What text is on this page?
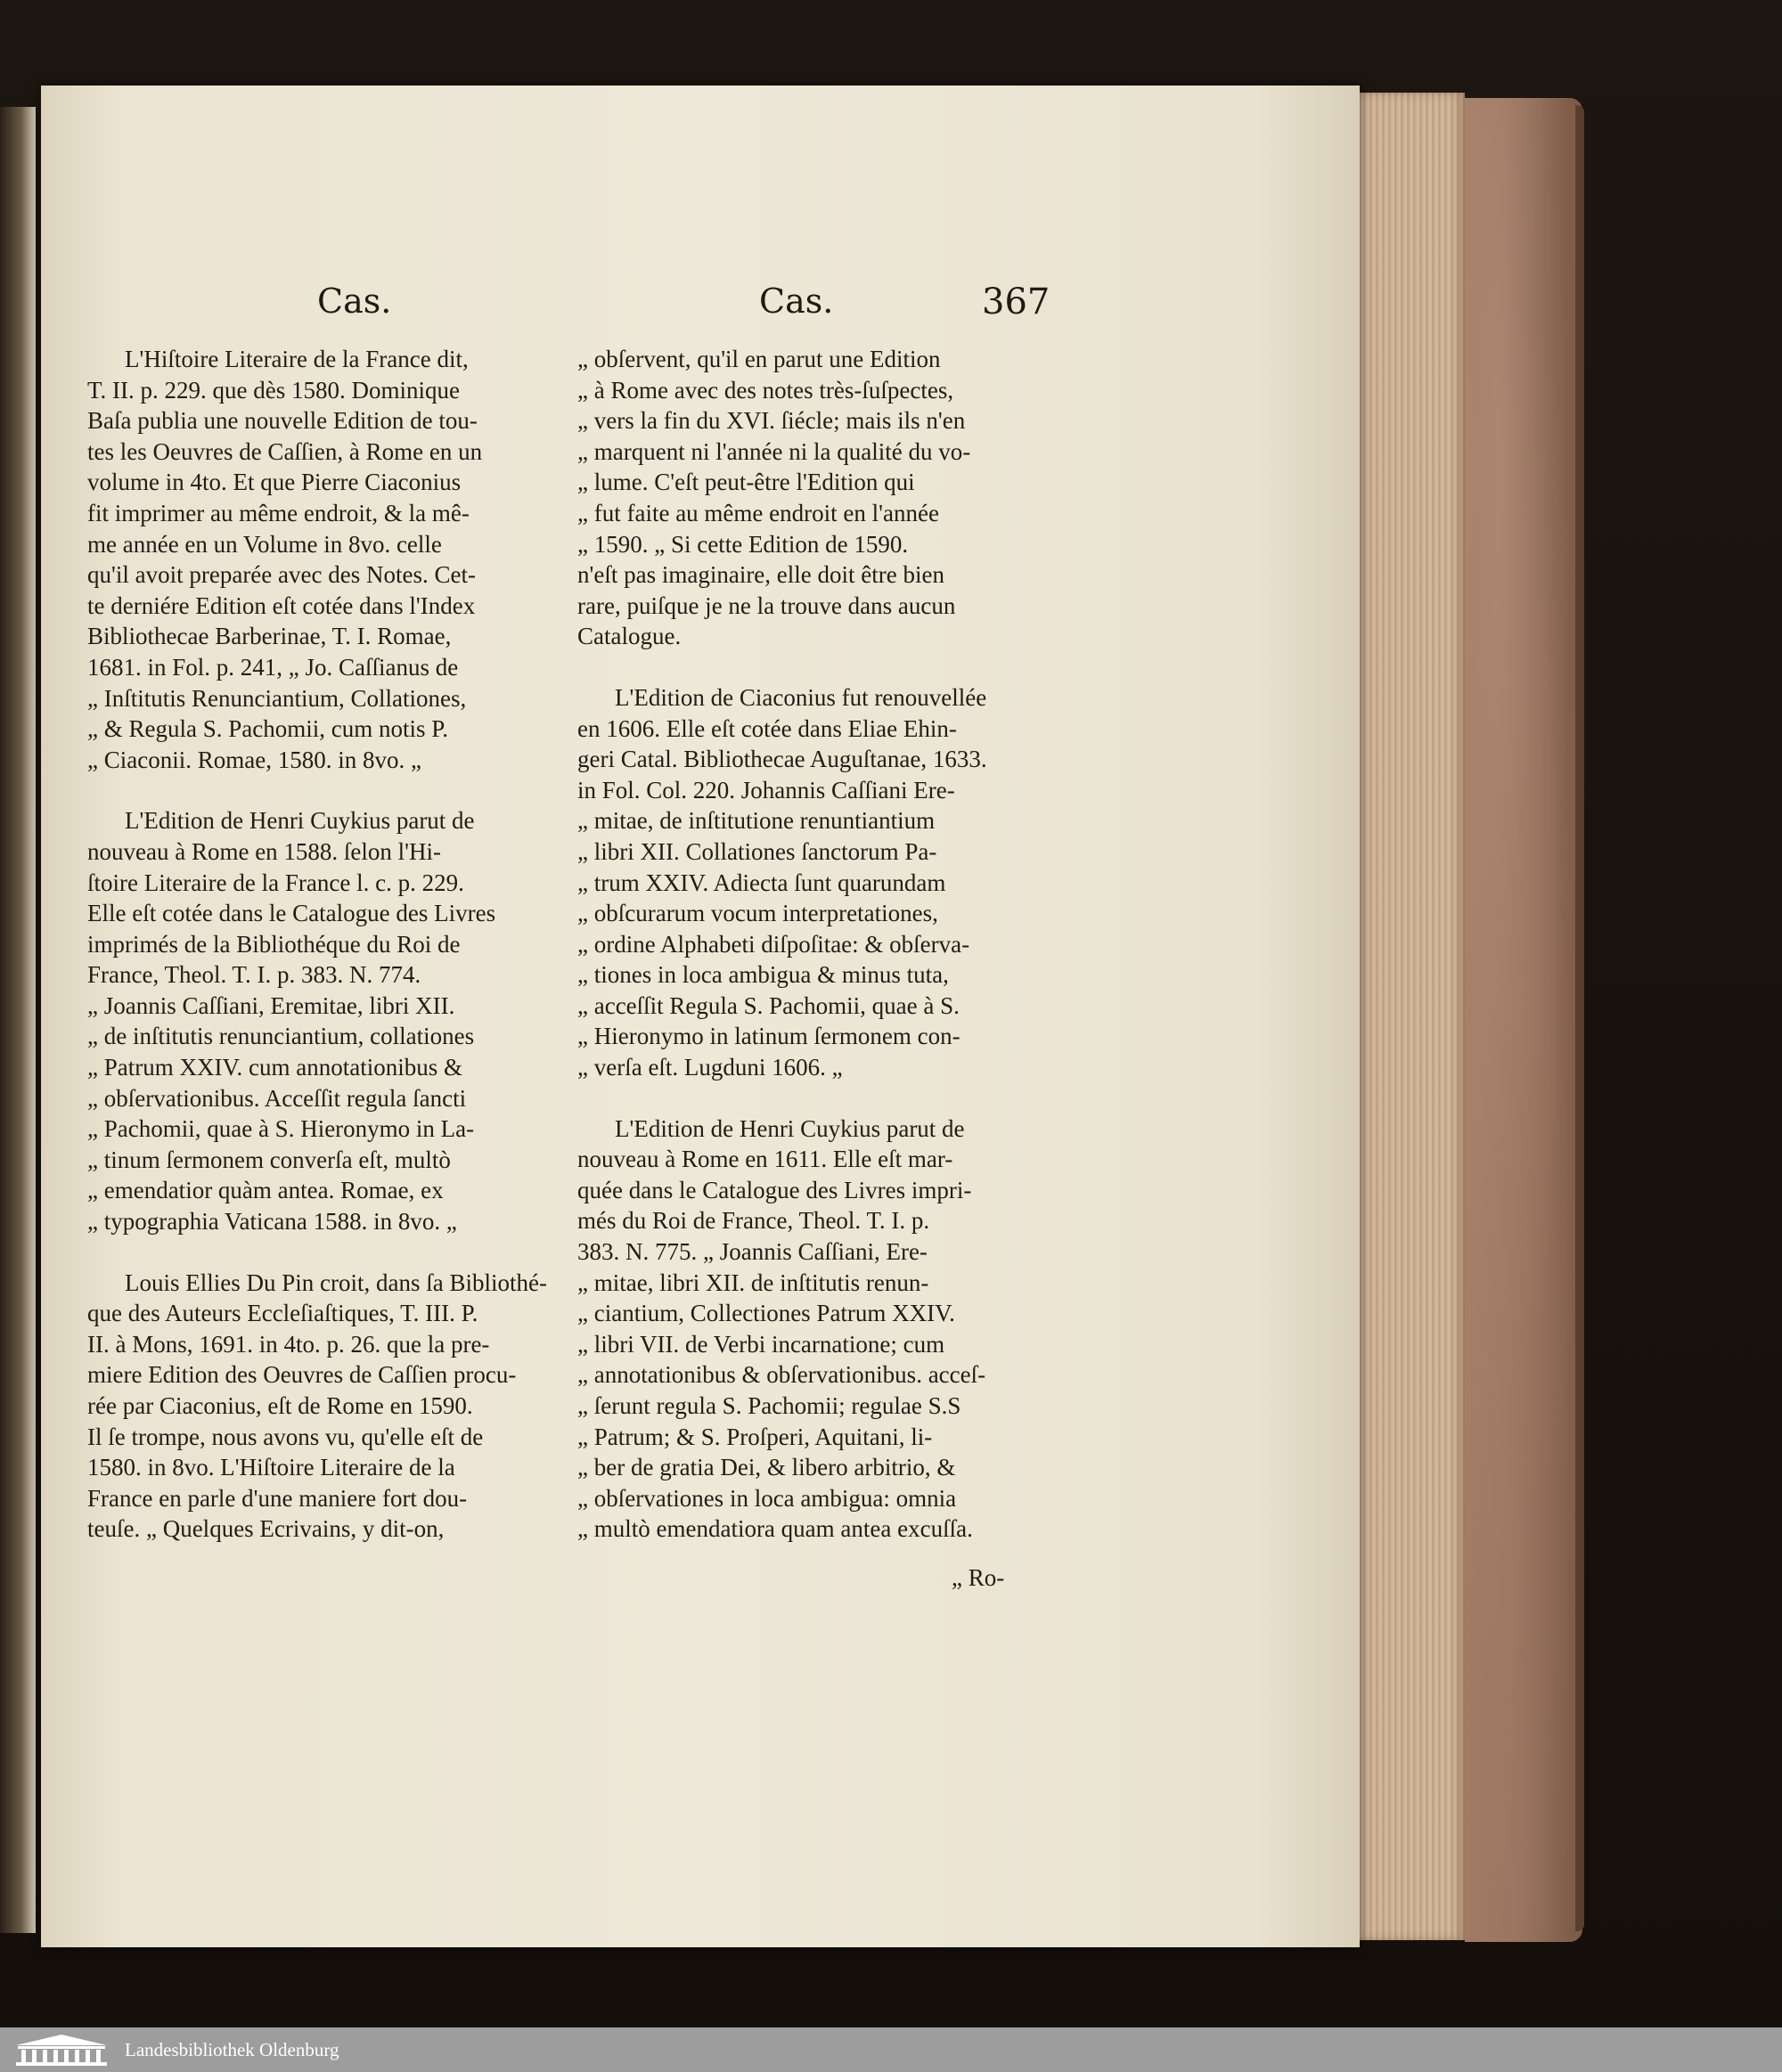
Cas.	Cas.	367

L'Hiſtoire Literaire de la France dit,
T. II. p. 229. que dès 1580. Dominique
Baſa publia une nouvelle Edition de tou-
tes les Oeuvres de Caſſien, à Rome en un
volume in 4to. Et que Pierre Ciaconius
fit imprimer au même endroit, & la mê-
me année en un Volume in 8vo. celle
qu'il avoit preparée avec des Notes. Cet-
te derniére Edition eſt cotée dans l'Index
Bibliothecae Barberinae, T. I. Romae,
1681. in Fol. p. 241, „ Jo. Caſſianus de
„ Inſtitutis Renunciantium, Collationes,
„ & Regula S. Pachomii, cum notis P.
„ Ciaconii. Romae, 1580. in 8vo. „

L'Edition de Henri Cuykius parut de
nouveau à Rome en 1588. ſelon l'Hi-
ſtoire Literaire de la France l. c. p. 229.
Elle eſt cotée dans le Catalogue des Livres
imprimés de la Bibliothéque du Roi de
France, Theol. T. I. p. 383. N. 774.
„ Joannis Caſſiani, Eremitae, libri XII.
„ de inſtitutis renunciantium, collationes
„ Patrum XXIV. cum annotationibus &
„ obſervationibus. Acceſſit regula ſancti
„ Pachomii, quae à S. Hieronymo in La-
„ tinum ſermonem converſa eſt, multò
„ emendatior quàm antea. Romae, ex
„ typographia Vaticana 1588. in 8vo. „

Louis Ellies Du Pin croit, dans ſa Bibliothé-
que des Auteurs Eccleſiaſtiques, T. III. P.
II. à Mons, 1691. in 4to. p. 26. que la pre-
miere Edition des Oeuvres de Caſſien procu-
rée par Ciaconius, eſt de Rome en 1590.
Il ſe trompe, nous avons vu, qu'elle eſt de
1580. in 8vo. L'Hiſtoire Literaire de la
France en parle d'une maniere fort dou-
teuſe. „ Quelques Ecrivains, y dit-on,

„ obſervent, qu'il en parut une Edition
„ à Rome avec des notes très-ſuſpectes,
„ vers la fin du XVI. ſiécle; mais ils n'en
„ marquent ni l'année ni la qualité du vo-
„ lume. C'eſt peut-être l'Edition qui
„ fut faite au même endroit en l'année
„ 1590. „ Si cette Edition de 1590.
n'eſt pas imaginaire, elle doit être bien
rare, puiſque je ne la trouve dans aucun
Catalogue.

L'Edition de Ciaconius fut renouvellée
en 1606. Elle eſt cotée dans Eliae Ehin-
geri Catal. Bibliothecae Auguſtanae, 1633.
in Fol. Col. 220. Johannis Caſſiani Ere-
„ mitae, de inſtitutione renuntiantium
„ libri XII. Collationes ſanctorum Pa-
„ trum XXIV. Adiecta ſunt quarundam
„ obſcurarum vocum interpretationes,
„ ordine Alphabeti diſpoſitae: & obſerva-
„ tiones in loca ambigua & minus tuta,
„ acceſſit Regula S. Pachomii, quae à S.
„ Hieronymo in latinum ſermonem con-
„ verſa eſt. Lugduni 1606. „

L'Edition de Henri Cuykius parut de
nouveau à Rome en 1611. Elle eſt mar-
quée dans le Catalogue des Livres impri-
més du Roi de France, Theol. T. I. p.
383. N. 775. „ Joannis Caſſiani, Ere-
„ mitae, libri XII. de inſtitutis renun-
„ ciantium, Collectiones Patrum XXIV.
„ libri VII. de Verbi incarnatione; cum
„ annotationibus & obſervationibus. acceſ-
„ ſerunt regula S. Pachomii; regulae S.S
„ Patrum; & S. Proſperi, Aquitani, li-
„ ber de gratia Dei, & libero arbitrio, &
„ obſervationes in loca ambigua: omnia
„ multò emendatiora quam antea excuſſa.

„ Ro-
Landesbibliothek Oldenburg
